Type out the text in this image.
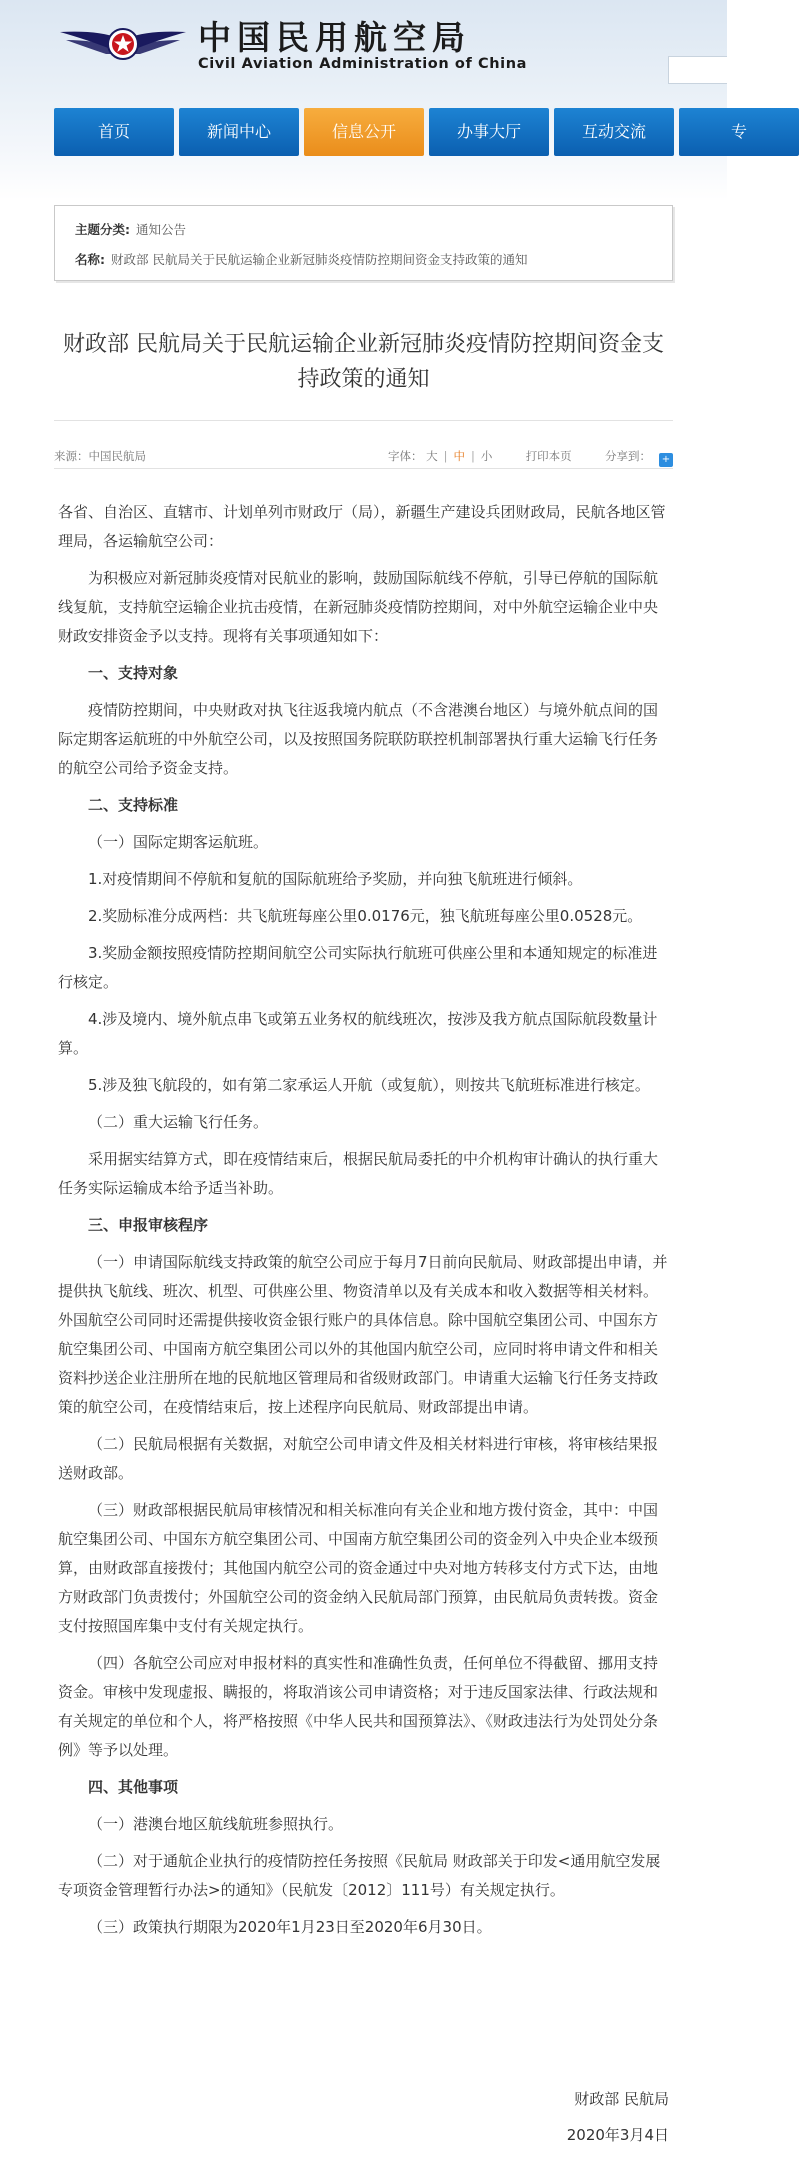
中国民用航空局
Civil Aviation Administration of China
首页	新闻中心	信息公开	办事大厅	互动交流	专
主题分类: 通知公告
名称: 财政部 民航局关于民航运输企业新冠肺炎疫情防控期间资金支持政策的通知
财政部 民航局关于民航运输企业新冠肺炎疫情防控期间资金支持政策的通知
来源：中国民航局	字体： 大 | 中 | 小	打印本页	分享到： +

各省、自治区、直辖市、计划单列市财政厅（局），新疆生产建设兵团财政局，民航各地区管理局，各运输航空公司：

为积极应对新冠肺炎疫情对民航业的影响，鼓励国际航线不停航，引导已停航的国际航线复航，支持航空运输企业抗击疫情，在新冠肺炎疫情防控期间，对中外航空运输企业中央财政安排资金予以支持。现将有关事项通知如下：

一、支持对象

疫情防控期间，中央财政对执飞往返我境内航点（不含港澳台地区）与境外航点间的国际定期客运航班的中外航空公司，以及按照国务院联防联控机制部署执行重大运输飞行任务的航空公司给予资金支持。

二、支持标准

（一）国际定期客运航班。

1.对疫情期间不停航和复航的国际航班给予奖励，并向独飞航班进行倾斜。

2.奖励标准分成两档：共飞航班每座公里0.0176元，独飞航班每座公里0.0528元。

3.奖励金额按照疫情防控期间航空公司实际执行航班可供座公里和本通知规定的标准进行核定。

4.涉及境内、境外航点串飞或第五业务权的航线班次，按涉及我方航点国际航段数量计算。

5.涉及独飞航段的，如有第二家承运人开航（或复航），则按共飞航班标准进行核定。

（二）重大运输飞行任务。

采用据实结算方式，即在疫情结束后，根据民航局委托的中介机构审计确认的执行重大任务实际运输成本给予适当补助。

三、申报审核程序

（一）申请国际航线支持政策的航空公司应于每月7日前向民航局、财政部提出申请，并提供执飞航线、班次、机型、可供座公里、物资清单以及有关成本和收入数据等相关材料。外国航空公司同时还需提供接收资金银行账户的具体信息。除中国航空集团公司、中国东方航空集团公司、中国南方航空集团公司以外的其他国内航空公司，应同时将申请文件和相关资料抄送企业注册所在地的民航地区管理局和省级财政部门。申请重大运输飞行任务支持政策的航空公司，在疫情结束后，按上述程序向民航局、财政部提出申请。

（二）民航局根据有关数据，对航空公司申请文件及相关材料进行审核，将审核结果报送财政部。

（三）财政部根据民航局审核情况和相关标准向有关企业和地方拨付资金，其中：中国航空集团公司、中国东方航空集团公司、中国南方航空集团公司的资金列入中央企业本级预算，由财政部直接拨付；其他国内航空公司的资金通过中央对地方转移支付方式下达，由地方财政部门负责拨付；外国航空公司的资金纳入民航局部门预算，由民航局负责转拨。资金支付按照国库集中支付有关规定执行。

（四）各航空公司应对申报材料的真实性和准确性负责，任何单位不得截留、挪用支持资金。审核中发现虚报、瞒报的，将取消该公司申请资格；对于违反国家法律、行政法规和有关规定的单位和个人，将严格按照《中华人民共和国预算法》、《财政违法行为处罚处分条例》等予以处理。

四、其他事项

（一）港澳台地区航线航班参照执行。

（二）对于通航企业执行的疫情防控任务按照《民航局 财政部关于印发<通用航空发展专项资金管理暂行办法>的通知》（民航发〔2012〕111号）有关规定执行。

（三）政策执行期限为2020年1月23日至2020年6月30日。

财政部 民航局
2020年3月4日
